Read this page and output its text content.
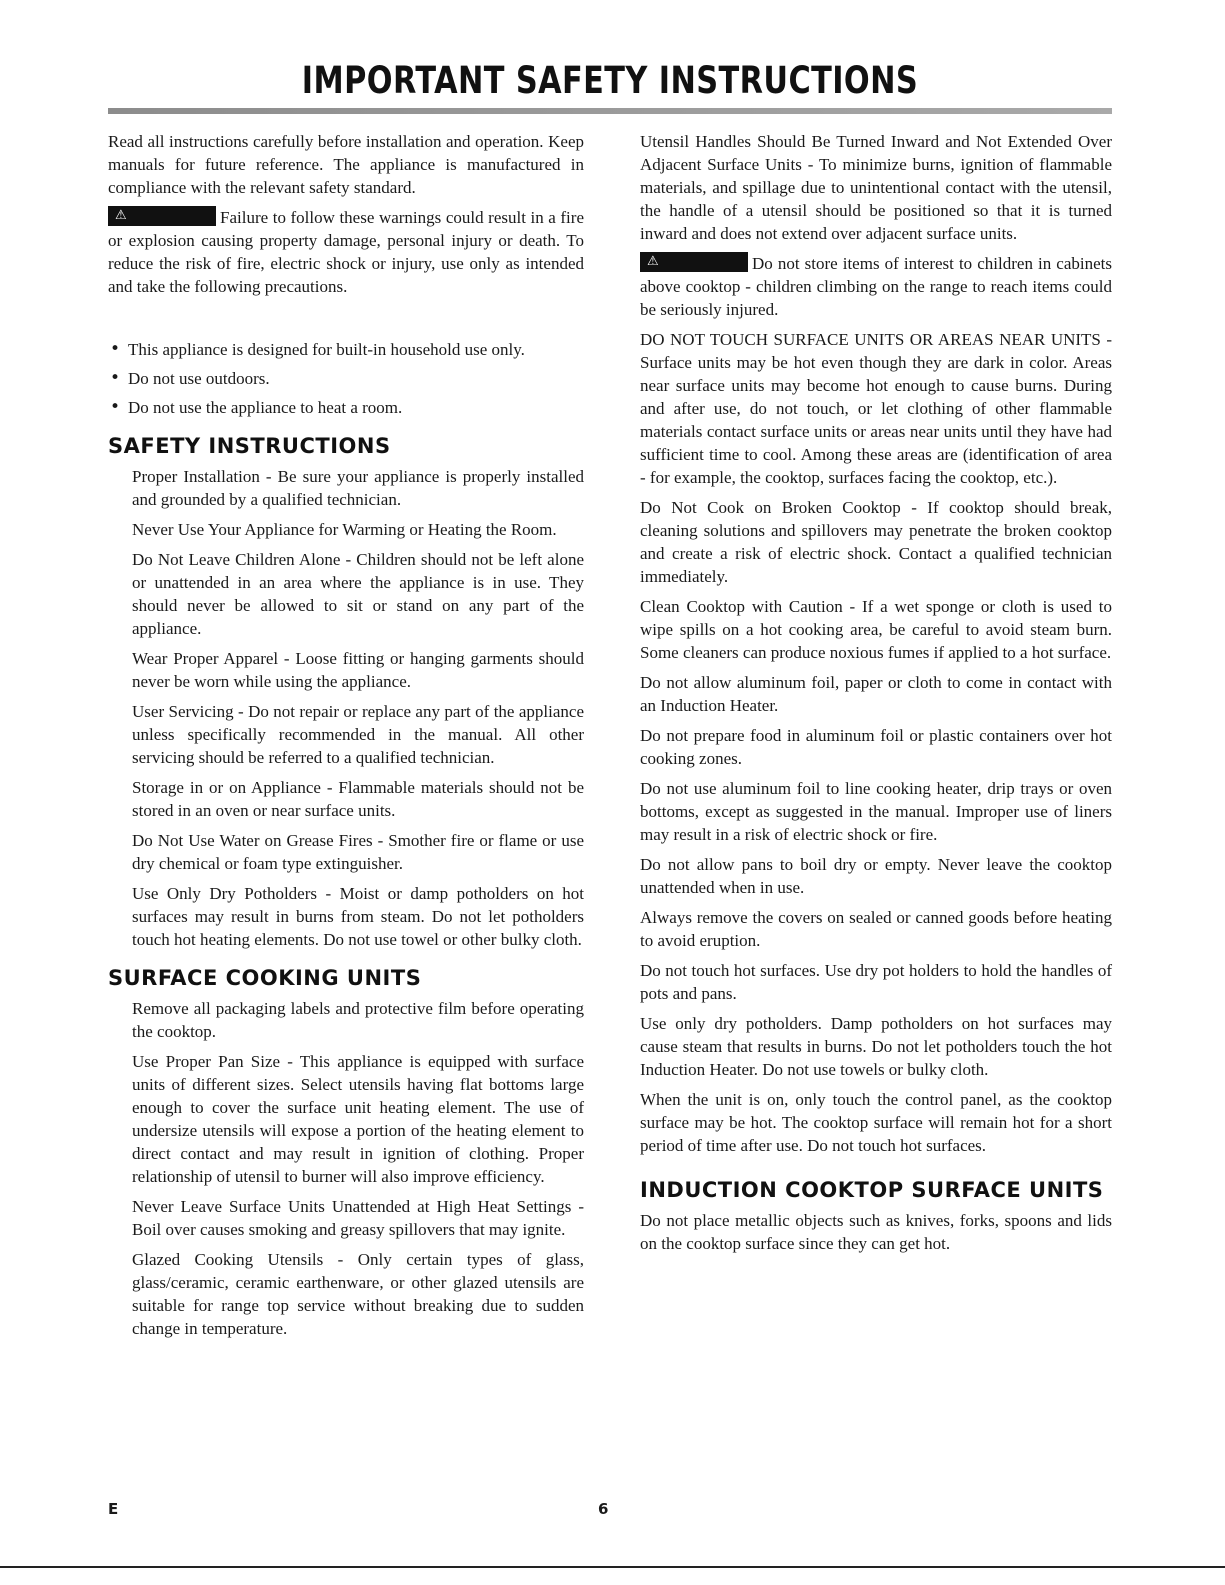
IMPORTANT SAFETY INSTRUCTIONS

Read all instructions carefully before installation and operation. Keep manuals for future reference. The appliance is manufactured in compliance with the relevant safety standard.

⚠	Failure to follow these warnings could result in a fire or explosion causing property damage, personal injury or death. To reduce the risk of fire, electric shock or injury, use only as intended and take the following precautions.

• This appliance is designed for built-in household use only.
• Do not use outdoors.
• Do not use the appliance to heat a room.
SAFETY INSTRUCTIONS

Proper Installation - Be sure your appliance is properly installed and grounded by a qualified technician.

Never Use Your Appliance for Warming or Heating the Room.

Do Not Leave Children Alone - Children should not be left alone or unattended in an area where the appliance is in use. They should never be allowed to sit or stand on any part of the appliance.

Wear Proper Apparel - Loose fitting or hanging garments should never be worn while using the appliance.

User Servicing - Do not repair or replace any part of the appliance unless specifically recommended in the manual. All other servicing should be referred to a qualified technician.

Storage in or on Appliance - Flammable materials should not be stored in an oven or near surface units.

Do Not Use Water on Grease Fires - Smother fire or flame or use dry chemical or foam type extinguisher.

Use Only Dry Potholders - Moist or damp potholders on hot surfaces may result in burns from steam. Do not let potholders touch hot heating elements. Do not use towel or other bulky cloth.

SURFACE COOKING UNITS

Remove all packaging labels and protective film before operating the cooktop.

Use Proper Pan Size - This appliance is equipped with surface units of different sizes. Select utensils having flat bottoms large enough to cover the surface unit heating element. The use of undersize utensils will expose a portion of the heating element to direct contact and may result in ignition of clothing. Proper relationship of utensil to burner will also improve efficiency.

Never Leave Surface Units Unattended at High Heat Settings - Boil over causes smoking and greasy spillovers that may ignite.

Glazed Cooking Utensils - Only certain types of glass, glass/ceramic, ceramic earthenware, or other glazed utensils are suitable for range top service without breaking due to sudden change in temperature.

Utensil Handles Should Be Turned Inward and Not Extended Over Adjacent Surface Units - To minimize burns, ignition of flammable materials, and spillage due to unintentional contact with the utensil, the handle of a utensil should be positioned so that it is turned inward and does not extend over adjacent surface units.

⚠	Do not store items of interest to children in cabinets above cooktop - children climbing on the range to reach items could be seriously injured.

DO NOT TOUCH SURFACE UNITS OR AREAS NEAR UNITS - Surface units may be hot even though they are dark in color. Areas near surface units may become hot enough to cause burns. During and after use, do not touch, or let clothing of other flammable materials contact surface units or areas near units until they have had sufficient time to cool. Among these areas are (identification of area - for example, the cooktop, surfaces facing the cooktop, etc.).

Do Not Cook on Broken Cooktop - If cooktop should break, cleaning solutions and spillovers may penetrate the broken cooktop and create a risk of electric shock. Contact a qualified technician immediately.

Clean Cooktop with Caution - If a wet sponge or cloth is used to wipe spills on a hot cooking area, be careful to avoid steam burn. Some cleaners can produce noxious fumes if applied to a hot surface.

Do not allow aluminum foil, paper or cloth to come in contact with an Induction Heater.

Do not prepare food in aluminum foil or plastic containers over hot cooking zones.

Do not use aluminum foil to line cooking heater, drip trays or oven bottoms, except as suggested in the manual. Improper use of liners may result in a risk of electric shock or fire.

Do not allow pans to boil dry or empty. Never leave the cooktop unattended when in use.

Always remove the covers on sealed or canned goods before heating to avoid eruption.

Do not touch hot surfaces. Use dry pot holders to hold the handles of pots and pans.

Use only dry potholders. Damp potholders on hot surfaces may cause steam that results in burns. Do not let potholders touch the hot Induction Heater. Do not use towels or bulky cloth.

When the unit is on, only touch the control panel, as the cooktop surface may be hot. The cooktop surface will remain hot for a short period of time after use. Do not touch hot surfaces.

INDUCTION COOKTOP SURFACE UNITS

Do not place metallic objects such as knives, forks, spoons and lids on the cooktop surface since they can get hot.

E	6
